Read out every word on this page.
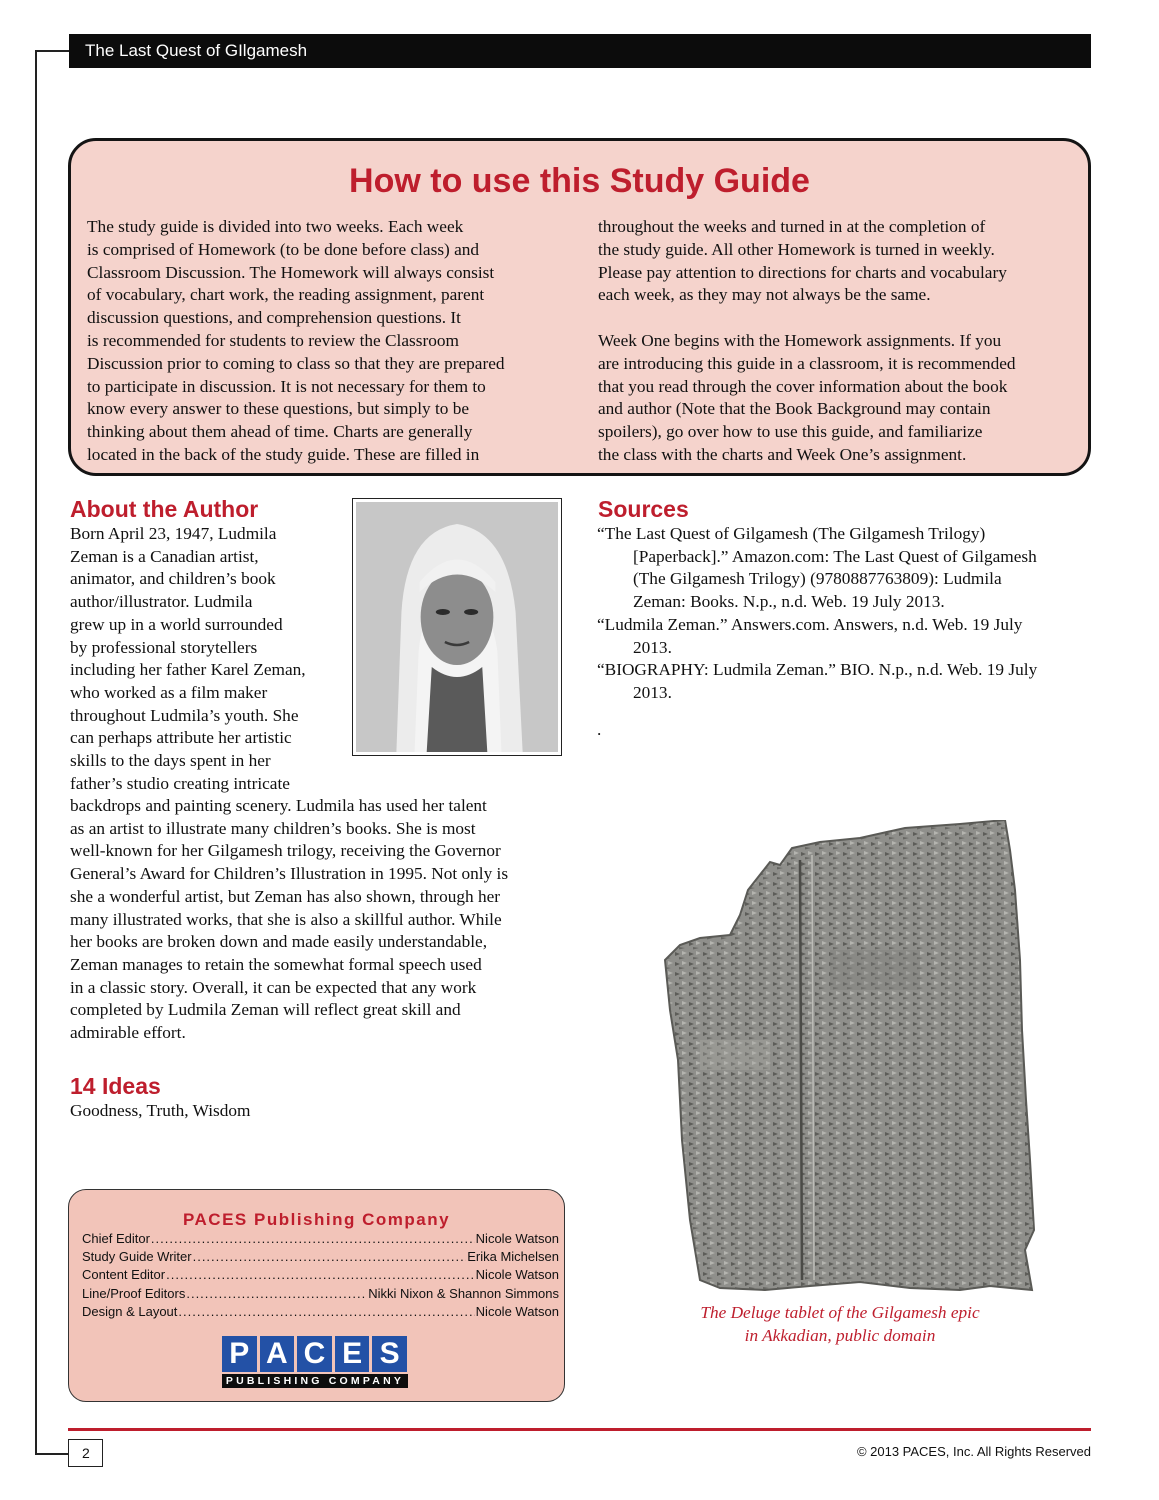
The Last Quest of GIlgamesh
How to use this Study Guide

The study guide is divided into two weeks. Each week
is comprised of Homework (to be done before class) and
Classroom Discussion. The Homework will always consist
of vocabulary, chart work, the reading assignment, parent
discussion questions, and comprehension questions. It
is recommended for students to review the Classroom
Discussion prior to coming to class so that they are prepared
to participate in discussion. It is not necessary for them to
know every answer to these questions, but simply to be
thinking about them ahead of time. Charts are generally
located in the back of the study guide. These are filled in

throughout the weeks and turned in at the completion of
the study guide. All other Homework is turned in weekly.
Please pay attention to directions for charts and vocabulary
each week, as they may not always be the same.

Week One begins with the Homework assignments. If you
are introducing this guide in a classroom, it is recommended
that you read through the cover information about the book
and author (Note that the Book Background may contain
spoilers), go over how to use this guide, and familiarize
the class with the charts and Week One’s assignment.

About the Author
Born April 23, 1947, Ludmila
Zeman is a Canadian artist,
animator, and children’s book
author/illustrator. Ludmila
grew up in a world surrounded
by professional storytellers
including her father Karel Zeman,
who worked as a film maker
throughout Ludmila’s youth. She
can perhaps attribute her artistic
skills to the days spent in her
father’s studio creating intricate
backdrops and painting scenery. Ludmila has used her talent
as an artist to illustrate many children’s books. She is most
well-known for her Gilgamesh trilogy, receiving the Governor
General’s Award for Children’s Illustration in 1995. Not only is
she a wonderful artist, but Zeman has also shown, through her
many illustrated works, that she is also a skillful author. While
her books are broken down and made easily understandable,
Zeman manages to retain the somewhat formal speech used
in a classic story. Overall, it can be expected that any work
completed by Ludmila Zeman will reflect great skill and
admirable effort.
14 Ideas
Goodness, Truth, Wisdom
Sources
“The Last Quest of Gilgamesh (The Gilgamesh Trilogy)
[Paperback].” Amazon.com: The Last Quest of Gilgamesh
(The Gilgamesh Trilogy) (9780887763809): Ludmila
Zeman: Books. N.p., n.d. Web. 19 July 2013.
“Ludmila Zeman.” Answers.com. Answers, n.d. Web. 19 July
2013.
“BIOGRAPHY: Ludmila Zeman.” BIO. N.p., n.d. Web. 19 July
2013.
.
The Deluge tablet of the Gilgamesh epic
in Akkadian, public domain
PACES Publishing Company
Chief Editor .....	Nicole Watson
Study Guide Writer .....	Erika Michelsen
Content Editor .....	Nicole Watson
Line/Proof Editors .....	Nikki Nixon & Shannon Simmons
Design & Layout .....	Nicole Watson
P A C E S
PUBLISHING COMPANY
2	© 2013 PACES, Inc. All Rights Reserved
